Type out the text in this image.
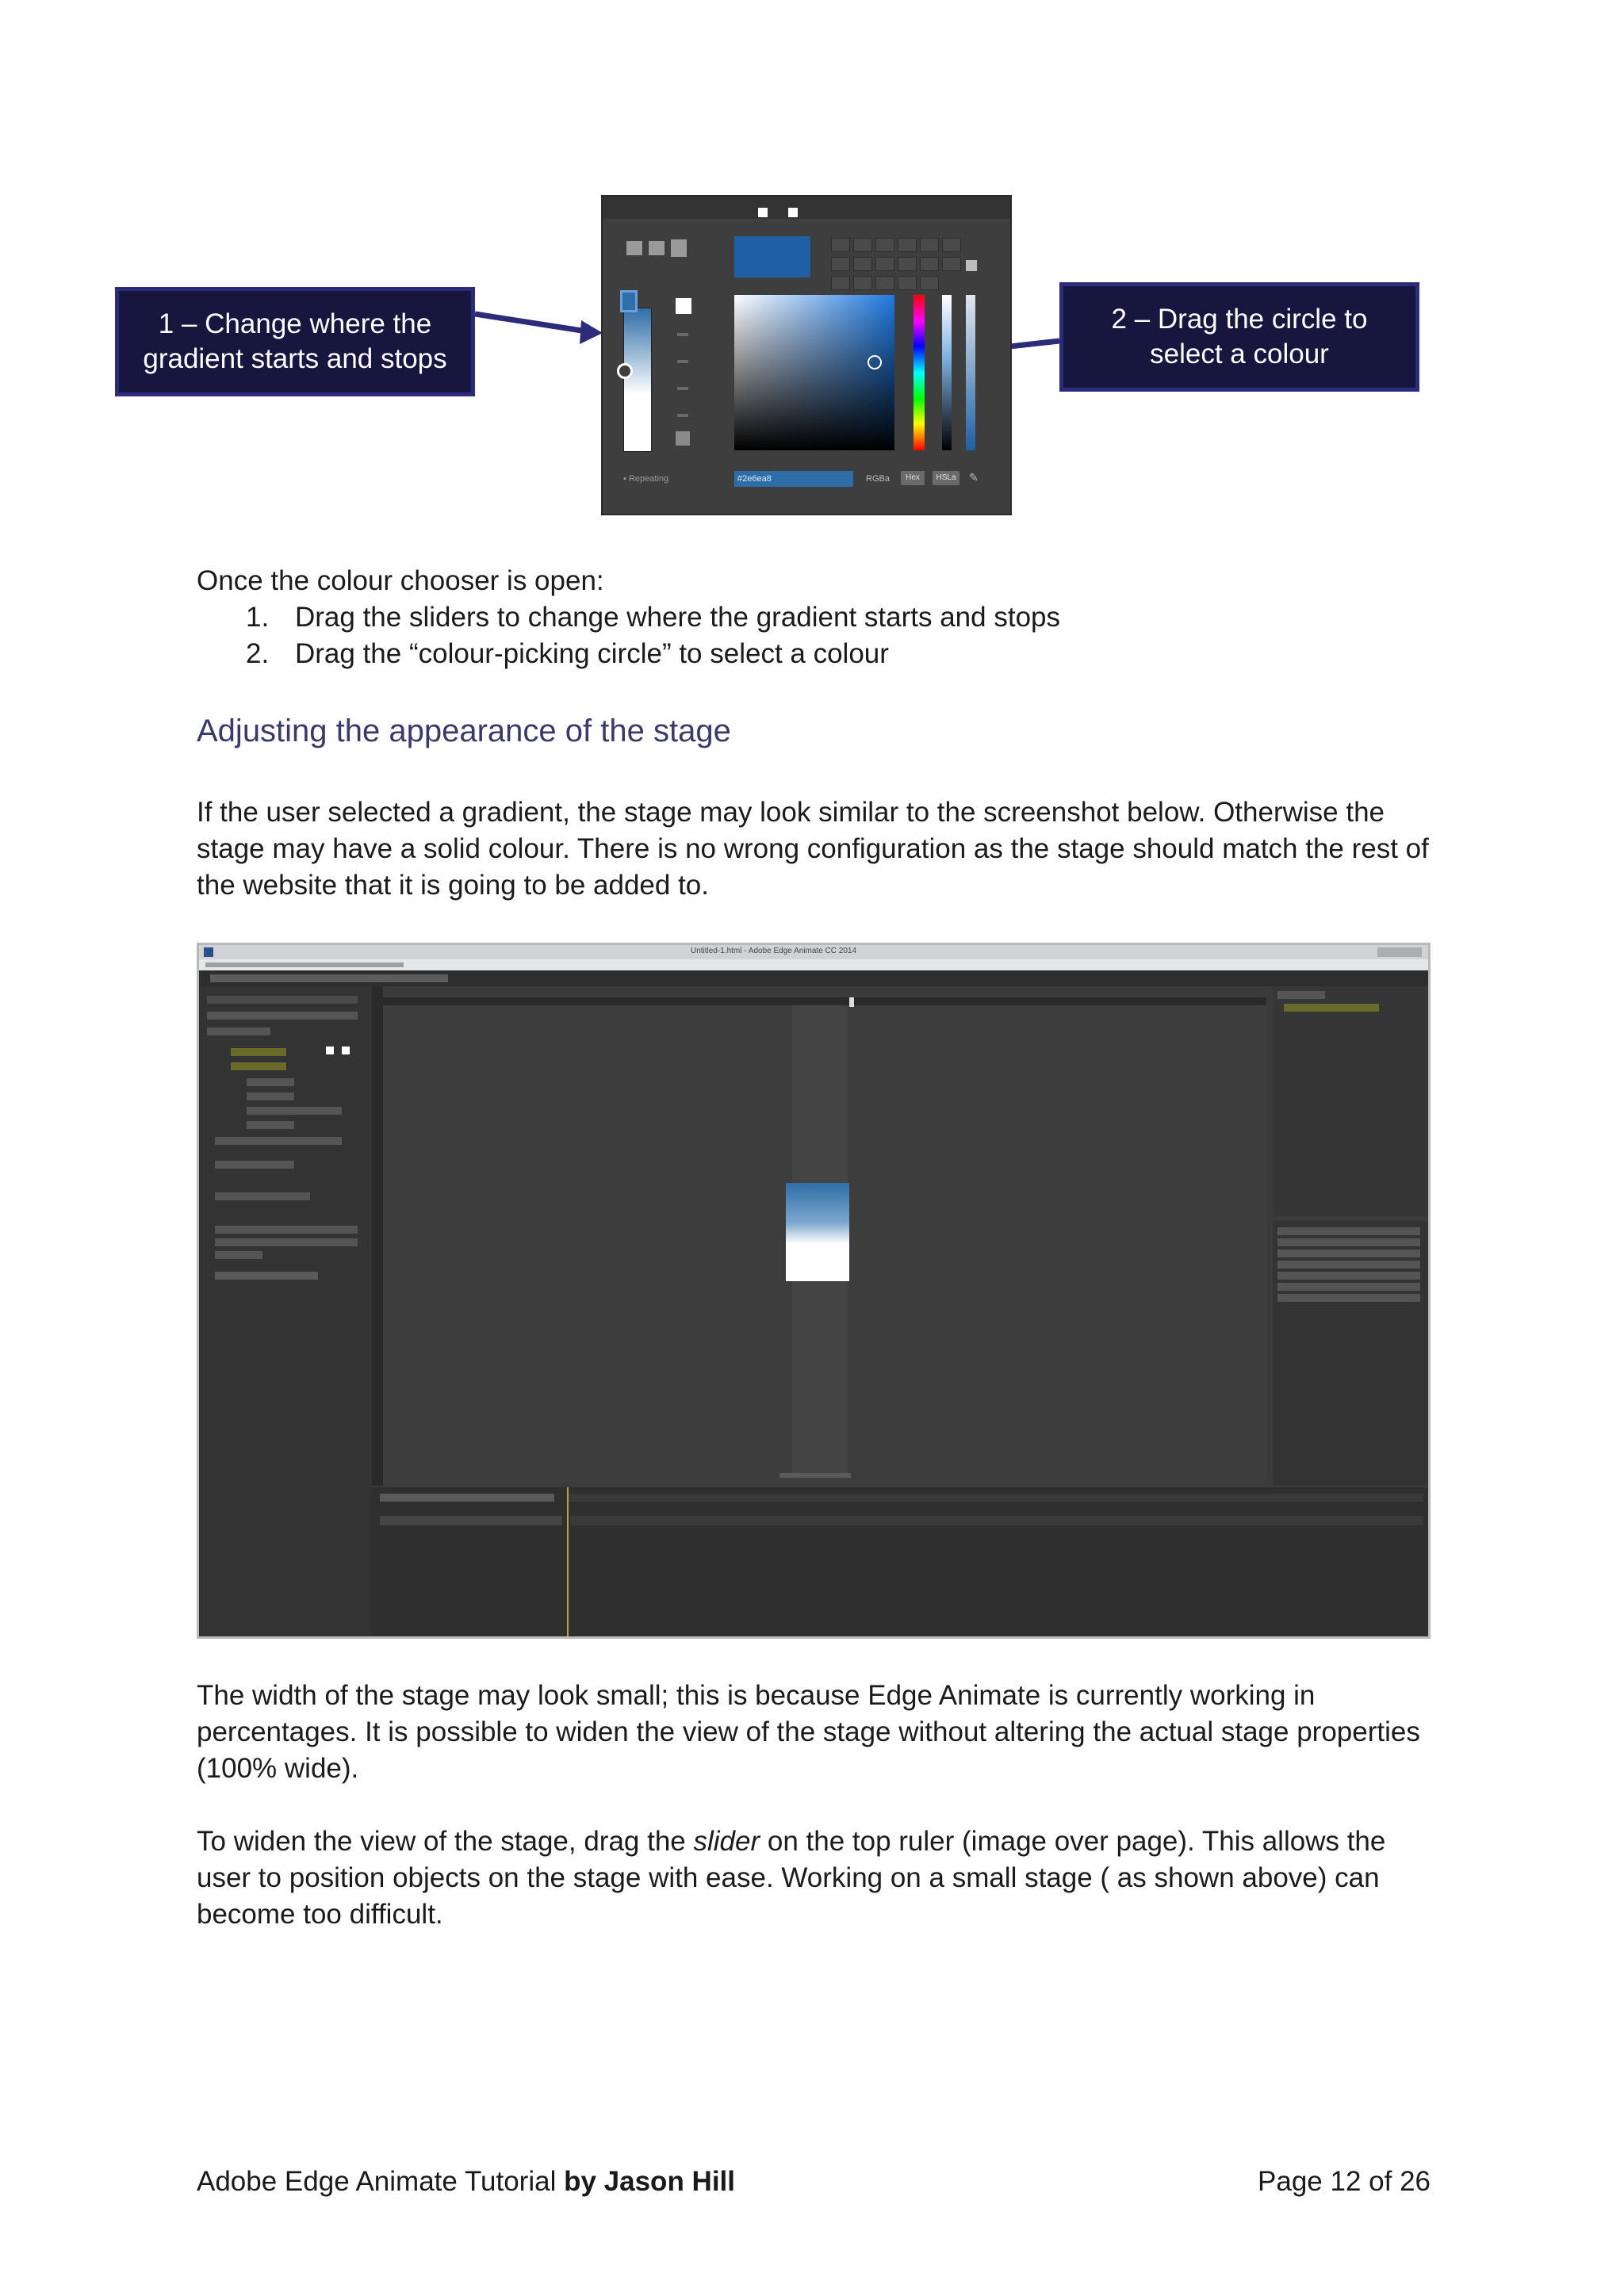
1 – Change where the gradient starts and stops
2 – Drag the circle to select a colour
▪ Repeating	#2e6ea8	RGBa	Hex	HSLa	✎
Once the colour chooser is open:
1. Drag the sliders to change where the gradient starts and stops
2. Drag the “colour-picking circle” to select a colour
Adjusting the appearance of the stage
If the user selected a gradient, the stage may look similar to the screenshot below. Otherwise the stage may have a solid colour. There is no wrong configuration as the stage should match the rest of the website that it is going to be added to.
Untitled-1.html - Adobe Edge Animate CC 2014
The width of the stage may look small; this is because Edge Animate is currently working in percentages. It is possible to widen the view of the stage without altering the actual stage properties (100% wide).
To widen the view of the stage, drag the slider on the top ruler (image over page). This allows the user to position objects on the stage with ease. Working on a small stage ( as shown above) can become too difficult.
Adobe Edge Animate Tutorial by Jason Hill	Page 12 of 26
